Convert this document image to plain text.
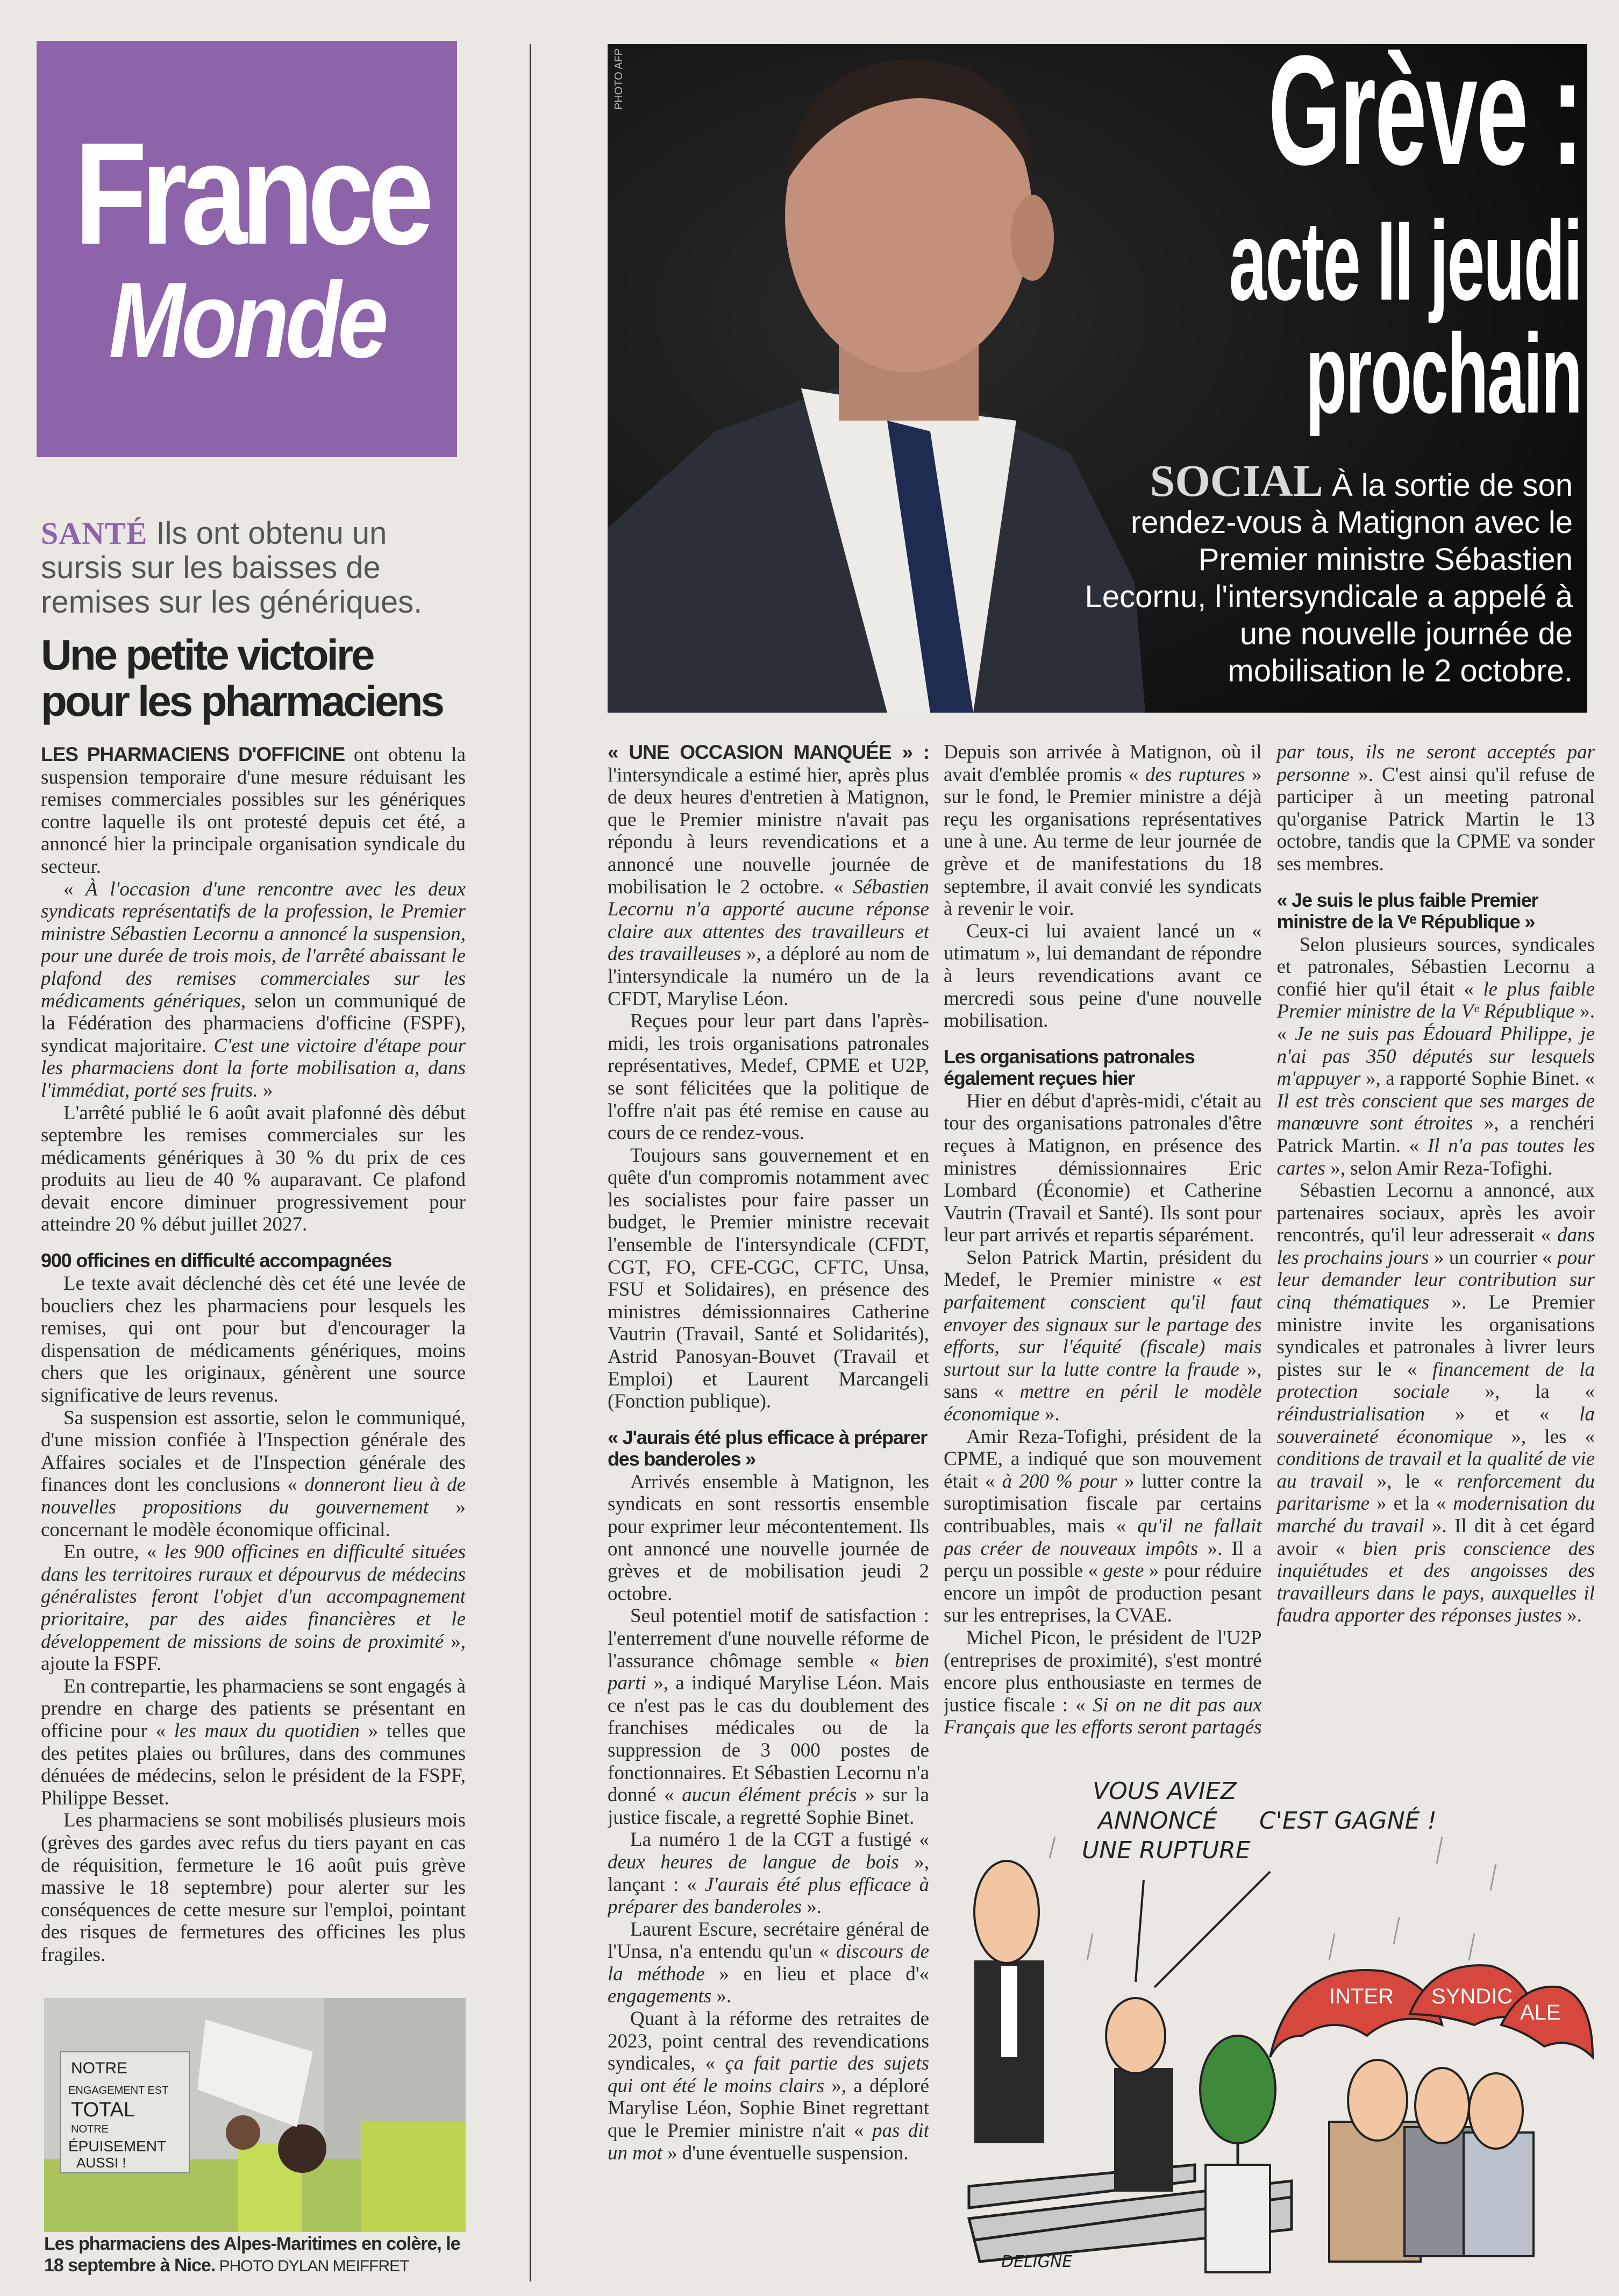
France
Monde
SANTÉ Ils ont obtenu un sursis sur les baisses de remises sur les génériques.
Une petite victoire pour les pharmaciens

LES PHARMACIENS D'OFFICINE ont obtenu la suspension temporaire d'une mesure réduisant les remises commerciales possibles sur les génériques contre laquelle ils ont protesté depuis cet été, a annoncé hier la principale organisation syndicale du secteur.

« À l'occasion d'une rencontre avec les deux syndicats représentatifs de la profession, le Premier ministre Sébastien Lecornu a annoncé la suspension, pour une durée de trois mois, de l'arrêté abaissant le plafond des remises commerciales sur les médicaments génériques, selon un communiqué de la Fédération des pharmaciens d'officine (FSPF), syndicat majoritaire. C'est une victoire d'étape pour les pharmaciens dont la forte mobilisation a, dans l'immédiat, porté ses fruits. »

L'arrêté publié le 6 août avait plafonné dès début septembre les remises commerciales sur les médicaments génériques à 30 % du prix de ces produits au lieu de 40 % auparavant. Ce plafond devait encore diminuer progressivement pour atteindre 20 % début juillet 2027.

900 officines en difficulté accompagnées

Le texte avait déclenché dès cet été une levée de boucliers chez les pharmaciens pour lesquels les remises, qui ont pour but d'encourager la dispensation de médicaments génériques, moins chers que les originaux, génèrent une source significative de leurs revenus.

Sa suspension est assortie, selon le communiqué, d'une mission confiée à l'Inspection générale des Affaires sociales et de l'Inspection générale des finances dont les conclusions « donneront lieu à de nouvelles propositions du gouvernement » concernant le modèle économique officinal.

En outre, « les 900 officines en difficulté situées dans les territoires ruraux et dépourvus de médecins généralistes feront l'objet d'un accompagnement prioritaire, par des aides financières et le développement de missions de soins de proximité », ajoute la FSPF.

En contrepartie, les pharmaciens se sont engagés à prendre en charge des patients se présentant en officine pour « les maux du quotidien » telles que des petites plaies ou brûlures, dans des communes dénuées de médecins, selon le président de la FSPF, Philippe Besset.

Les pharmaciens se sont mobilisés plusieurs mois (grèves des gardes avec refus du tiers payant en cas de réquisition, fermeture le 16 août puis grève massive le 18 septembre) pour alerter sur les conséquences de cette mesure sur l'emploi, pointant des risques de fermetures des officines les plus fragiles.

NOTRE ENGAGEMENT EST TOTAL NOTRE ÉPUISEMENT AUSSI !
Les pharmaciens des Alpes-Maritimes en colère, le 18 septembre à Nice. PHOTO DYLAN MEIFFRET
PHOTO AFP	Grève :
acte II jeudi
prochain
SOCIAL À la sortie de son rendez-vous à Matignon avec le Premier ministre Sébastien Lecornu, l'intersyndicale a appelé à une nouvelle journée de mobilisation le 2 octobre.

« UNE OCCASION MANQUÉE » : l'intersyndicale a estimé hier, après plus de deux heures d'entretien à Matignon, que le Premier ministre n'avait pas répondu à leurs revendications et a annoncé une nouvelle journée de mobilisation le 2 octobre. « Sébastien Lecornu n'a apporté aucune réponse claire aux attentes des travailleurs et des travailleuses », a déploré au nom de l'intersyndicale la numéro un de la CFDT, Marylise Léon.

Reçues pour leur part dans l'après-midi, les trois organisations patronales représentatives, Medef, CPME et U2P, se sont félicitées que la politique de l'offre n'ait pas été remise en cause au cours de ce rendez-vous.

Toujours sans gouvernement et en quête d'un compromis notamment avec les socialistes pour faire passer un budget, le Premier ministre recevait l'ensemble de l'intersyndicale (CFDT, CGT, FO, CFE-CGC, CFTC, Unsa, FSU et Solidaires), en présence des ministres démissionnaires Catherine Vautrin (Travail, Santé et Solidarités), Astrid Panosyan-Bouvet (Travail et Emploi) et Laurent Marcangeli (Fonction publique).

« J'aurais été plus efficace à préparer des banderoles »

Arrivés ensemble à Matignon, les syndicats en sont ressortis ensemble pour exprimer leur mécontentement. Ils ont annoncé une nouvelle journée de grèves et de mobilisation jeudi 2 octobre.

Seul potentiel motif de satisfaction : l'enterrement d'une nouvelle réforme de l'assurance chômage semble « bien parti », a indiqué Marylise Léon. Mais ce n'est pas le cas du doublement des franchises médicales ou de la suppression de 3 000 postes de fonctionnaires. Et Sébastien Lecornu n'a donné « aucun élément précis » sur la justice fiscale, a regretté Sophie Binet.

La numéro 1 de la CGT a fustigé « deux heures de langue de bois », lançant : « J'aurais été plus efficace à préparer des banderoles ».

Laurent Escure, secrétaire général de l'Unsa, n'a entendu qu'un « discours de la méthode » en lieu et place d'« engagements ».

Quant à la réforme des retraites de 2023, point central des revendications syndicales, « ça fait partie des sujets qui ont été le moins clairs », a déploré Marylise Léon, Sophie Binet regrettant que le Premier ministre n'ait « pas dit un mot » d'une éventuelle suspension.

Depuis son arrivée à Matignon, où il avait d'emblée promis « des ruptures » sur le fond, le Premier ministre a déjà reçu les organisations représentatives une à une. Au terme de leur journée de grève et de manifestations du 18 septembre, il avait convié les syndicats à revenir le voir.

Ceux-ci lui avaient lancé un « utimatum », lui demandant de répondre à leurs revendications avant ce mercredi sous peine d'une nouvelle mobilisation.

Les organisations patronales également reçues hier

Hier en début d'après-midi, c'était au tour des organisations patronales d'être reçues à Matignon, en présence des ministres démissionnaires Eric Lombard (Économie) et Catherine Vautrin (Travail et Santé). Ils sont pour leur part arrivés et repartis séparément.

Selon Patrick Martin, président du Medef, le Premier ministre « est parfaitement conscient qu'il faut envoyer des signaux sur le partage des efforts, sur l'équité (fiscale) mais surtout sur la lutte contre la fraude », sans « mettre en péril le modèle économique ».

Amir Reza-Tofighi, président de la CPME, a indiqué que son mouvement était « à 200 % pour » lutter contre la suroptimisation fiscale par certains contribuables, mais « qu'il ne fallait pas créer de nouveaux impôts ». Il a perçu un possible « geste » pour réduire encore un impôt de production pesant sur les entreprises, la CVAE.

Michel Picon, le président de l'U2P (entreprises de proximité), s'est montré encore plus enthousiaste en termes de justice fiscale : « Si on ne dit pas aux Français que les efforts seront partagés par tous, ils ne seront acceptés par personne ». C'est ainsi qu'il refuse de participer à un meeting patronal qu'organise Patrick Martin le 13 octobre, tandis que la CPME va sonder ses membres.

« Je suis le plus faible Premier ministre de la Vᵉ République »

Selon plusieurs sources, syndicales et patronales, Sébastien Lecornu a confié hier qu'il était « le plus faible Premier ministre de la Vᵉ République ». « Je ne suis pas Édouard Philippe, je n'ai pas 350 députés sur lesquels m'appuyer », a rapporté Sophie Binet. « Il est très conscient que ses marges de manœuvre sont étroites », a renchéri Patrick Martin. « Il n'a pas toutes les cartes », selon Amir Reza-Tofighi.

Sébastien Lecornu a annoncé, aux partenaires sociaux, après les avoir rencontrés, qu'il leur adresserait « dans les prochains jours » un courrier « pour leur demander leur contribution sur cinq thématiques ». Le Premier ministre invite les organisations syndicales et patronales à livrer leurs pistes sur le « financement de la protection sociale », la « réindustrialisation » et « la souveraineté économique », les « conditions de travail et la qualité de vie au travail », le « renforcement du paritarisme » et la « modernisation du marché du travail ». Il dit à cet égard avoir « bien pris conscience des inquiétudes et des angoisses des travailleurs dans le pays, auxquelles il faudra apporter des réponses justes ».

VOUS AVIEZ
ANNONCÉ
UNE RUPTURE
C'EST GAGNÉ !
INTER SYNDIC
ALE
DELIGNE
